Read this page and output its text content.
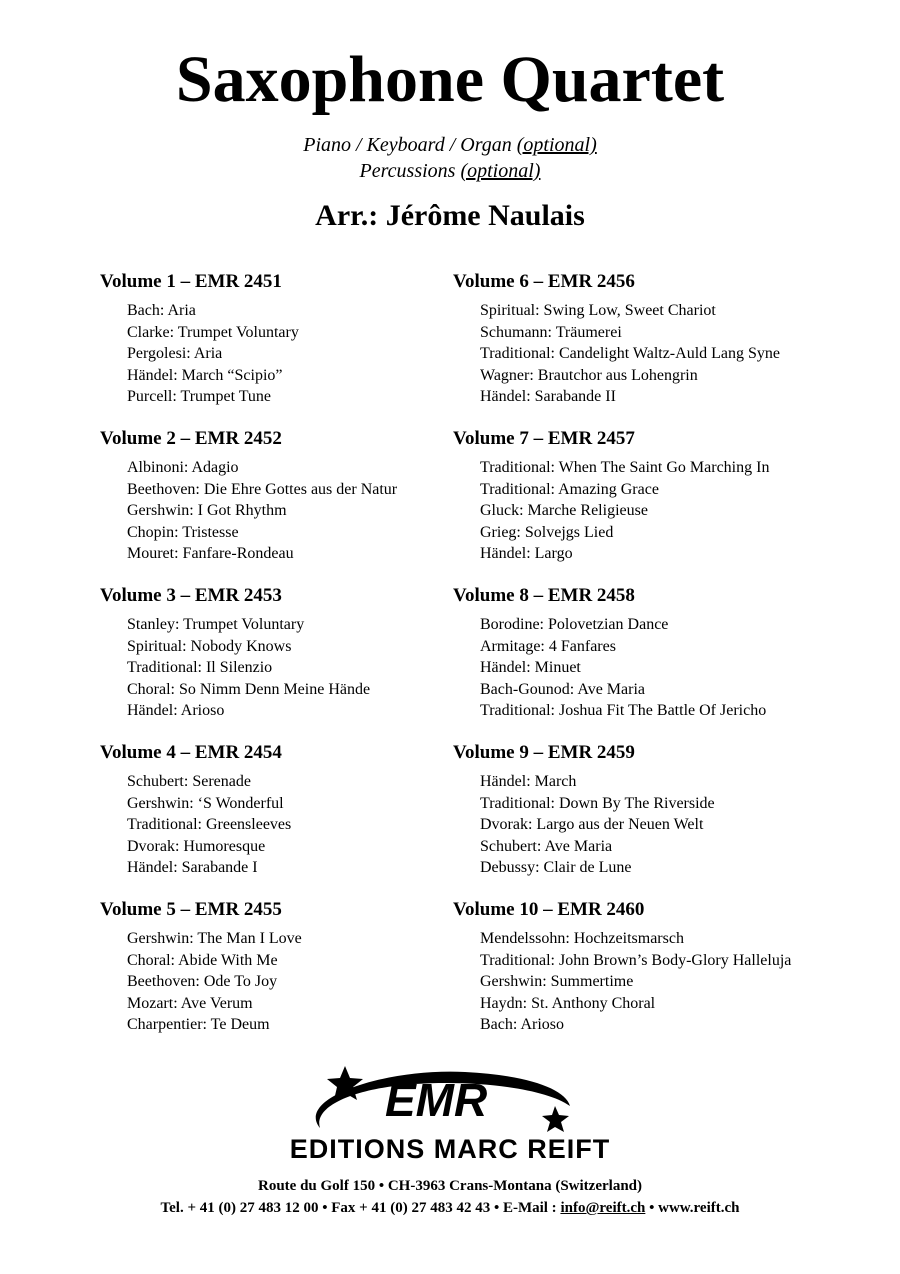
Saxophone Quartet
Piano / Keyboard / Organ (optional)
Percussions (optional)
Arr.: Jérôme Naulais
Volume 1 – EMR 2451
Bach: Aria
Clarke: Trumpet Voluntary
Pergolesi: Aria
Händel: March “Scipio”
Purcell: Trumpet Tune
Volume 2 – EMR 2452
Albinoni: Adagio
Beethoven: Die Ehre Gottes aus der Natur
Gershwin: I Got Rhythm
Chopin: Tristesse
Mouret: Fanfare-Rondeau
Volume 3 – EMR 2453
Stanley: Trumpet Voluntary
Spiritual: Nobody Knows
Traditional: Il Silenzio
Choral: So Nimm Denn Meine Hände
Händel: Arioso
Volume 4 – EMR 2454
Schubert: Serenade
Gershwin: ‘S Wonderful
Traditional: Greensleeves
Dvorak: Humoresque
Händel: Sarabande I
Volume 5 – EMR 2455
Gershwin: The Man I Love
Choral: Abide With Me
Beethoven: Ode To Joy
Mozart: Ave Verum
Charpentier: Te Deum
Volume 6 – EMR 2456
Spiritual: Swing Low, Sweet Chariot
Schumann: Träumerei
Traditional: Candelight Waltz-Auld Lang Syne
Wagner: Brautchor aus Lohengrin
Händel: Sarabande II
Volume 7 – EMR 2457
Traditional: When The Saint Go Marching In
Traditional: Amazing Grace
Gluck: Marche Religieuse
Grieg: Solvejgs Lied
Händel: Largo
Volume 8 – EMR 2458
Borodine: Polovetzian Dance
Armitage: 4 Fanfares
Händel: Minuet
Bach-Gounod: Ave Maria
Traditional: Joshua Fit The Battle Of Jericho
Volume 9 – EMR 2459
Händel: March
Traditional: Down By The Riverside
Dvorak: Largo aus der Neuen Welt
Schubert: Ave Maria
Debussy: Clair de Lune
Volume 10 – EMR 2460
Mendelssohn: Hochzeitsmarsch
Traditional: John Brown’s Body-Glory Halleluja
Gershwin: Summertime
Haydn: St. Anthony Choral
Bach: Arioso
EMR
EDITIONS MARC REIFT
Route du Golf 150 • CH-3963 Crans-Montana (Switzerland)
Tel. + 41 (0) 27 483 12 00 • Fax + 41 (0) 27 483 42 43 • E-Mail : info@reift.ch • www.reift.ch
